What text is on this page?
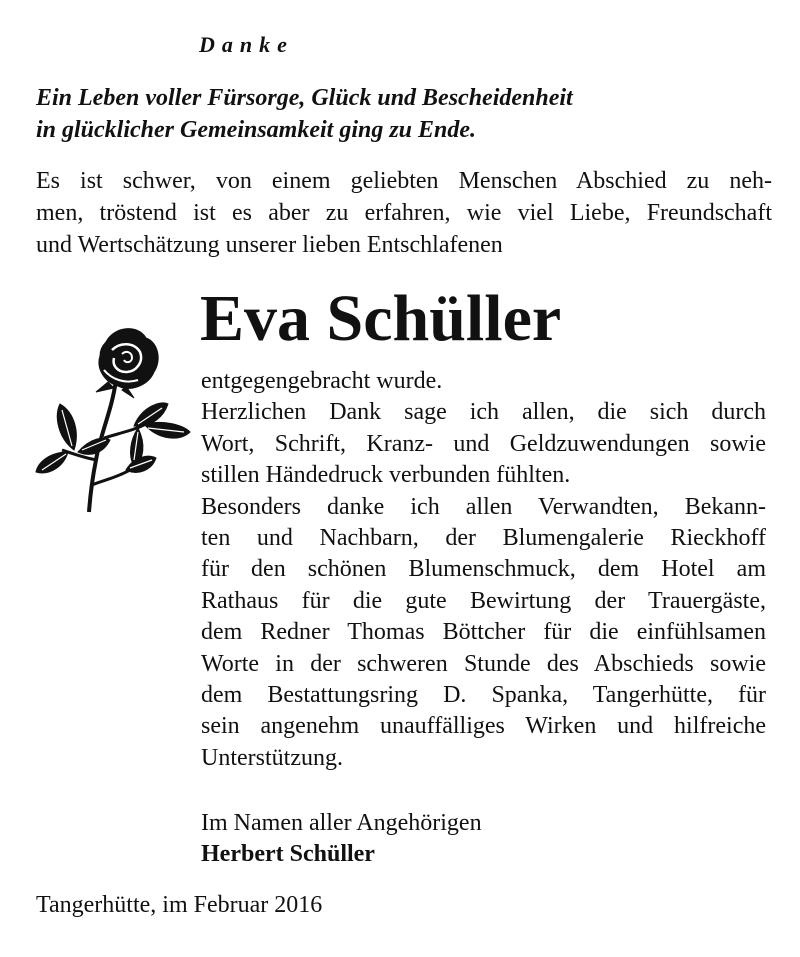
Danke
Ein Leben voller Fürsorge, Glück und Bescheidenheit
in glücklicher Gemeinsamkeit ging zu Ende.
Es ist schwer, von einem geliebten Menschen Abschied zu neh-
men, tröstend ist es aber zu erfahren, wie viel Liebe, Freundschaft
und Wertschätzung unserer lieben Entschlafenen
Eva Schüller
entgegengebracht wurde.
Herzlichen Dank sage ich allen, die sich durch
Wort, Schrift, Kranz- und Geldzuwendungen sowie
stillen Händedruck verbunden fühlten.
Besonders danke ich allen Verwandten, Bekann-
ten und Nachbarn, der Blumengalerie Rieckhoff
für den schönen Blumenschmuck, dem Hotel am
Rathaus für die gute Bewirtung der Trauergäste,
dem Redner Thomas Böttcher für die einfühlsamen
Worte in der schweren Stunde des Abschieds sowie
dem Bestattungsring D. Spanka, Tangerhütte, für
sein angenehm unauffälliges Wirken und hilfreiche
Unterstützung.
Im Namen aller Angehörigen
Herbert Schüller
Tangerhütte, im Februar 2016
